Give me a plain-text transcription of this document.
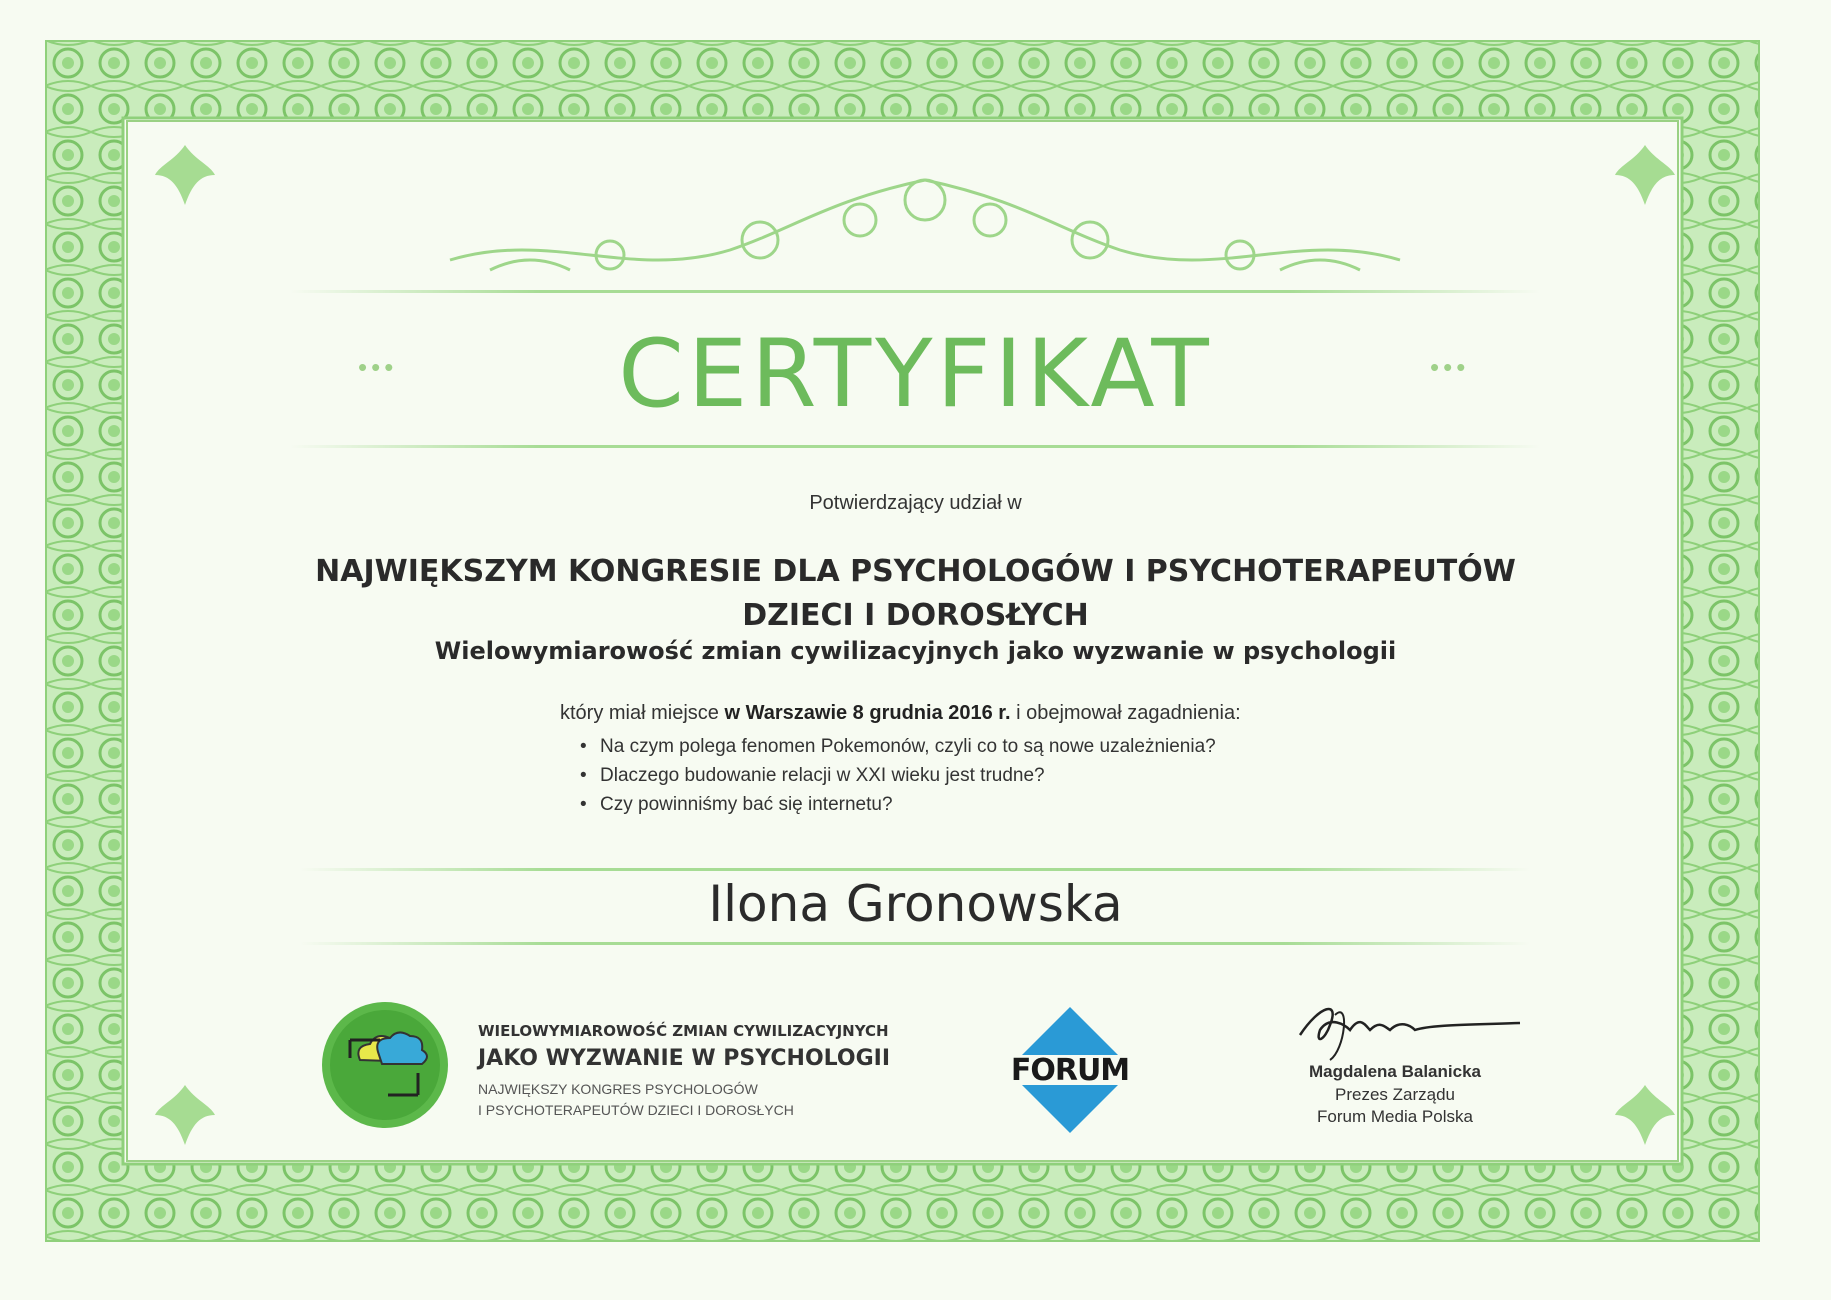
•••	•••
CERTYFIKAT
Potwierdzający udział w
NAJWIĘKSZYM KONGRESIE DLA PSYCHOLOGÓW I PSYCHOTERAPEUTÓW
DZIECI I DOROSŁYCH
Wielowymiarowość zmian cywilizacyjnych jako wyzwanie w psychologii
który miał miejsce w Warszawie 8 grudnia 2016 r. i obejmował zagadnienia:
• Na czym polega fenomen Pokemonów, czyli co to są nowe uzależnienia?
• Dlaczego budowanie relacji w XXI wieku jest trudne?
• Czy powinniśmy bać się internetu?
Ilona Gronowska
WIELOWYMIAROWOŚĆ ZMIAN CYWILIZACYJNYCH
JAKO WYZWANIE W PSYCHOLOGII
NAJWIĘKSZY KONGRES PSYCHOLOGÓW
I PSYCHOTERAPEUTÓW DZIECI I DOROSŁYCH
FORUM	Magdalena Balanicka
Prezes Zarządu
Forum Media Polska
